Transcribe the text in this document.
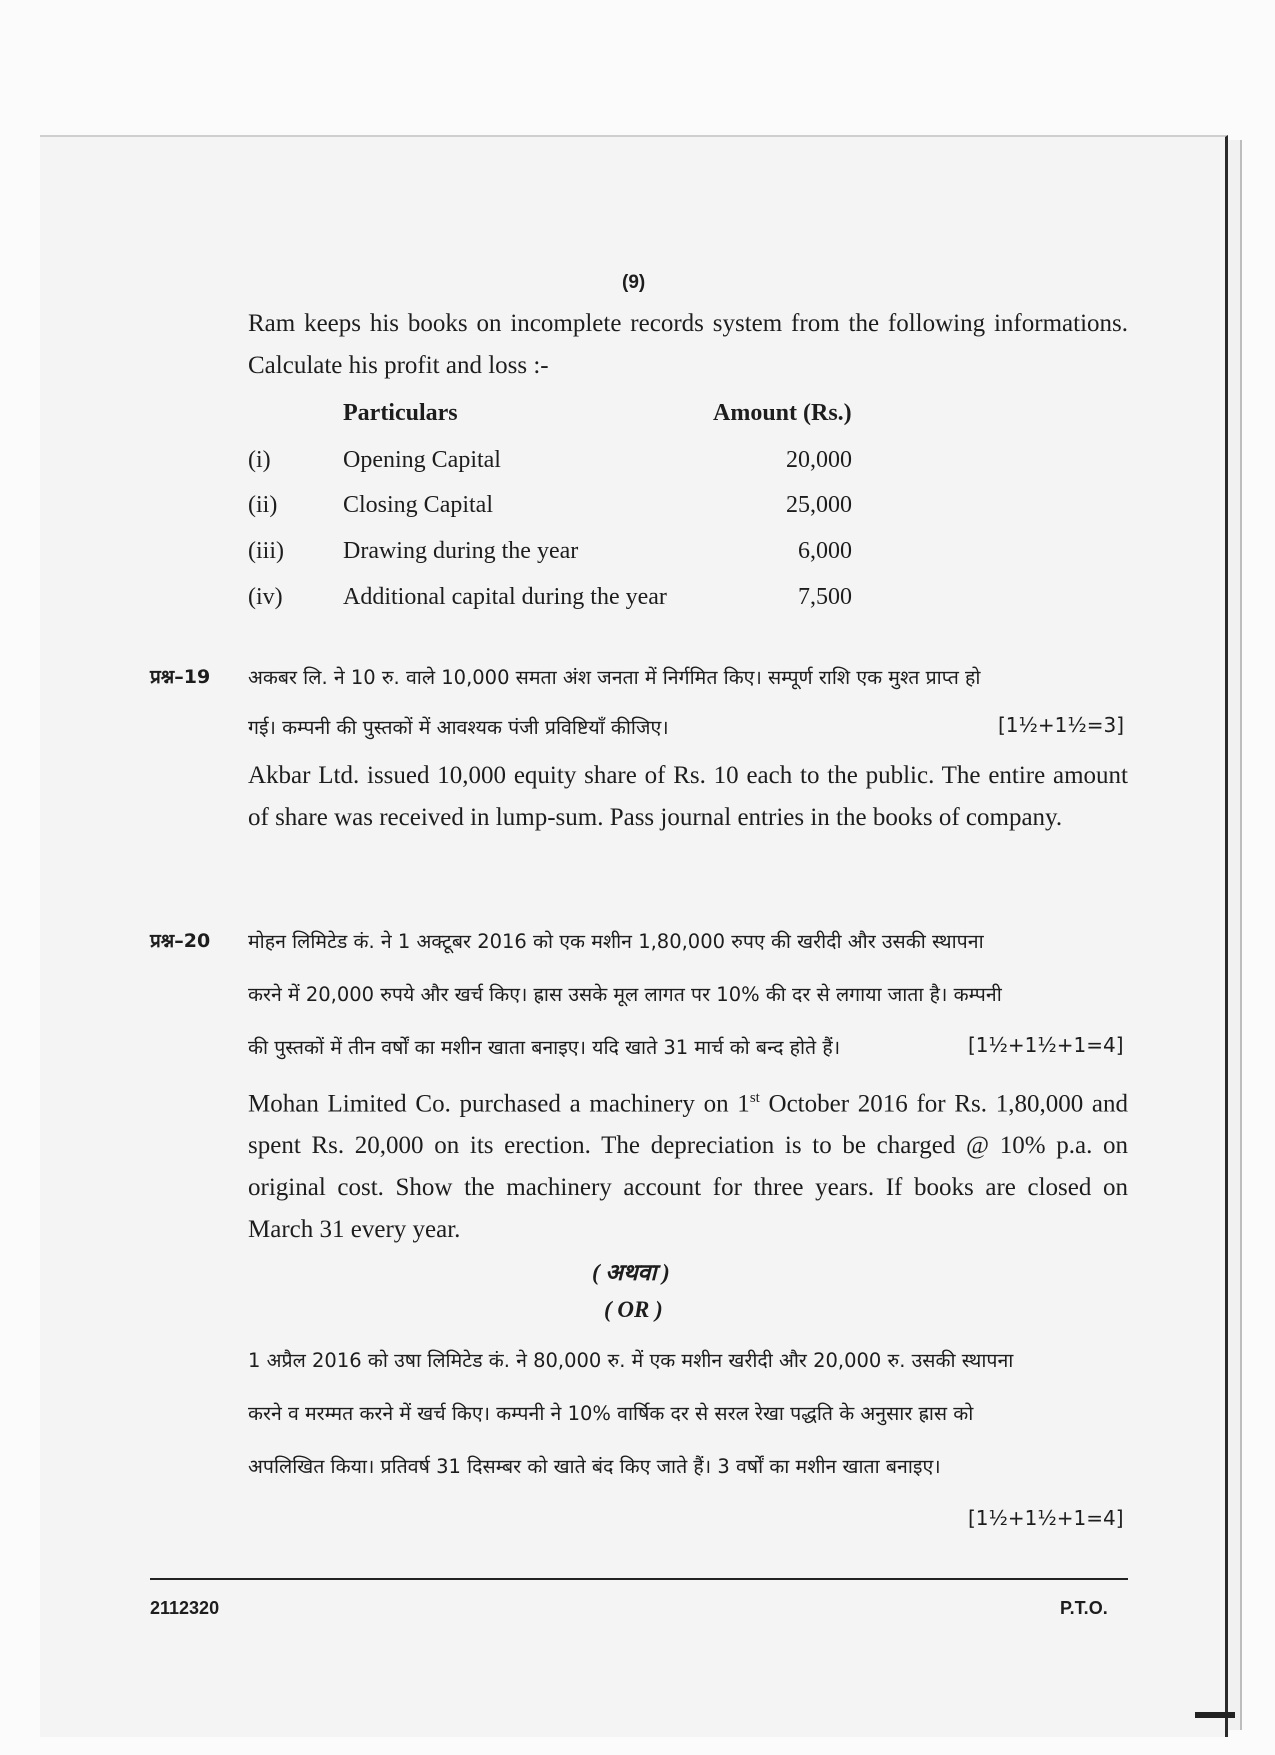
(9)
Ram keeps his books on incomplete records system from the following informations. Calculate his profit and loss :-
Particulars	Amount (Rs.)
(i)	Opening Capital	20,000
(ii)	Closing Capital	25,000
(iii) Drawing during the year	6,000
(iv)	Additional capital during the year	7,500
प्रश्न–19 अकबर लि. ने 10 रु. वाले 10,000 समता अंश जनता में निर्गमित किए। सम्पूर्ण राशि एक मुश्त प्राप्त हो
गई। कम्पनी की पुस्तकों में आवश्यक पंजी प्रविष्टियाँ कीजिए।	[1½+1½=3]
Akbar Ltd. issued 10,000 equity share of Rs. 10 each to the public. The entire amount of share was received in lump-sum. Pass journal entries in the books of company.
प्रश्न–20 मोहन लिमिटेड कं. ने 1 अक्टूबर 2016 को एक मशीन 1,80,000 रुपए की खरीदी और उसकी स्थापना
करने में 20,000 रुपये और खर्च किए। ह्रास उसके मूल लागत पर 10% की दर से लगाया जाता है। कम्पनी
की पुस्तकों में तीन वर्षों का मशीन खाता बनाइए। यदि खाते 31 मार्च को बन्द होते हैं।	[1½+1½+1=4]
Mohan Limited Co. purchased a machinery on 1st October 2016 for Rs. 1,80,000 and spent Rs. 20,000 on its erection. The depreciation is to be charged @ 10% p.a. on original cost. Show the machinery account for three years. If books are closed on March 31 every year.
( अथवा )
( OR )
1 अप्रैल 2016 को उषा लिमिटेड कं. ने 80,000 रु. में एक मशीन खरीदी और 20,000 रु. उसकी स्थापना
करने व मरम्मत करने में खर्च किए। कम्पनी ने 10% वार्षिक दर से सरल रेखा पद्धति के अनुसार ह्रास को
अपलिखित किया। प्रतिवर्ष 31 दिसम्बर को खाते बंद किए जाते हैं। 3 वर्षों का मशीन खाता बनाइए।
[1½+1½+1=4]
2112320	P.T.O.
